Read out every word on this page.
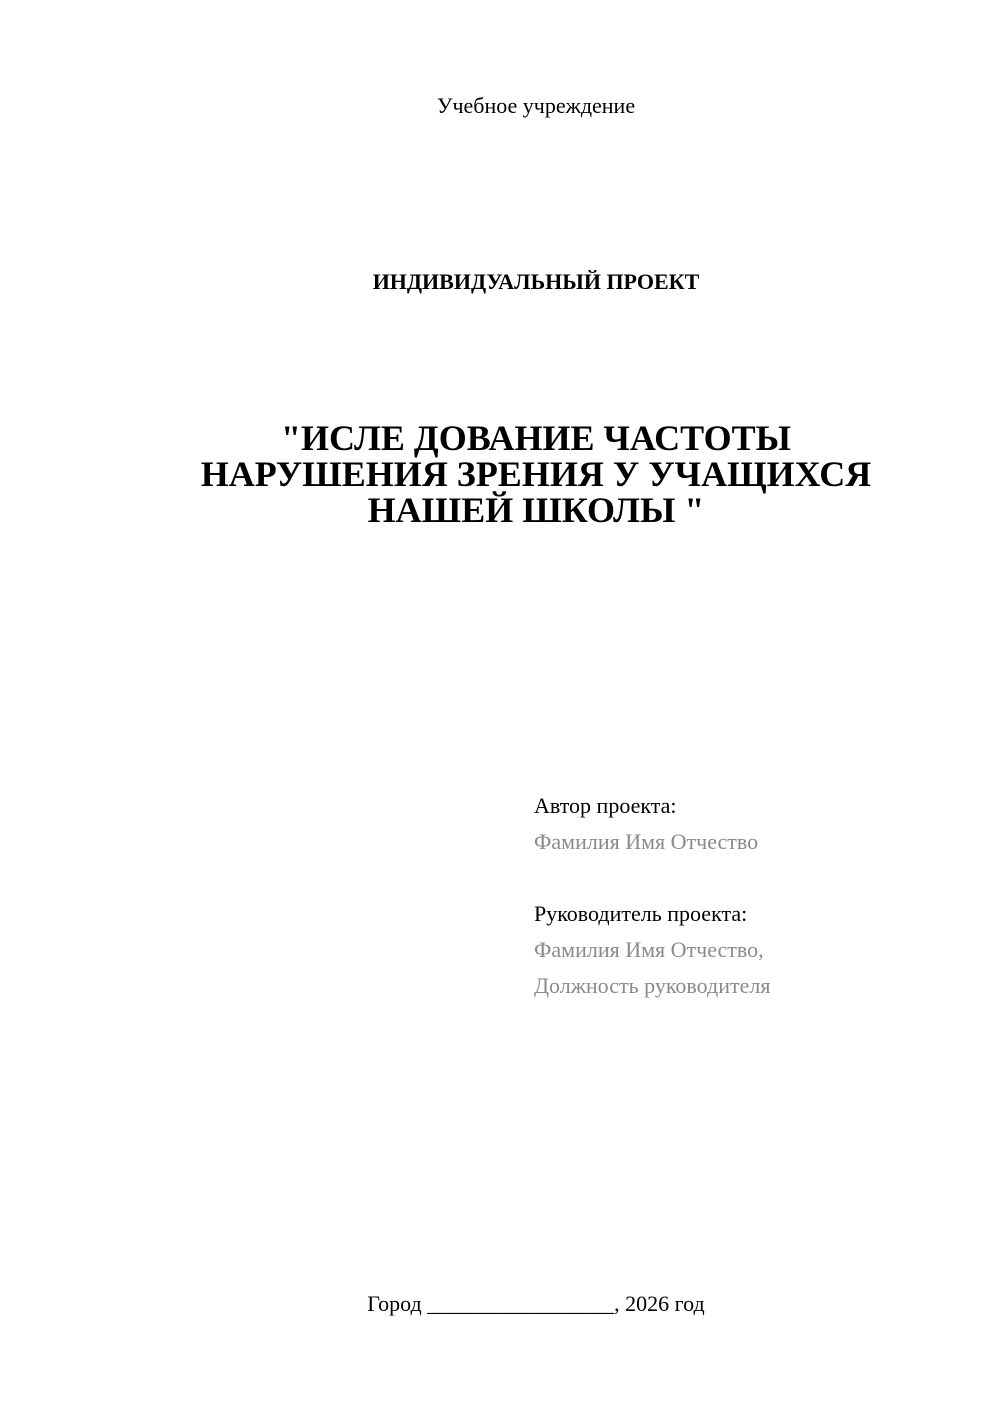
Учебное учреждение
ИНДИВИДУАЛЬНЫЙ ПРОЕКТ
"ИСЛЕ ДОВАНИЕ ЧАСТОТЫ
НАРУШЕНИЯ ЗРЕНИЯ У УЧАЩИХСЯ
НАШЕЙ ШКОЛЫ "
Автор проекта:
Фамилия Имя Отчество
Руководитель проекта:
Фамилия Имя Отчество,
Должность руководителя
Город _________________, 2026 год
